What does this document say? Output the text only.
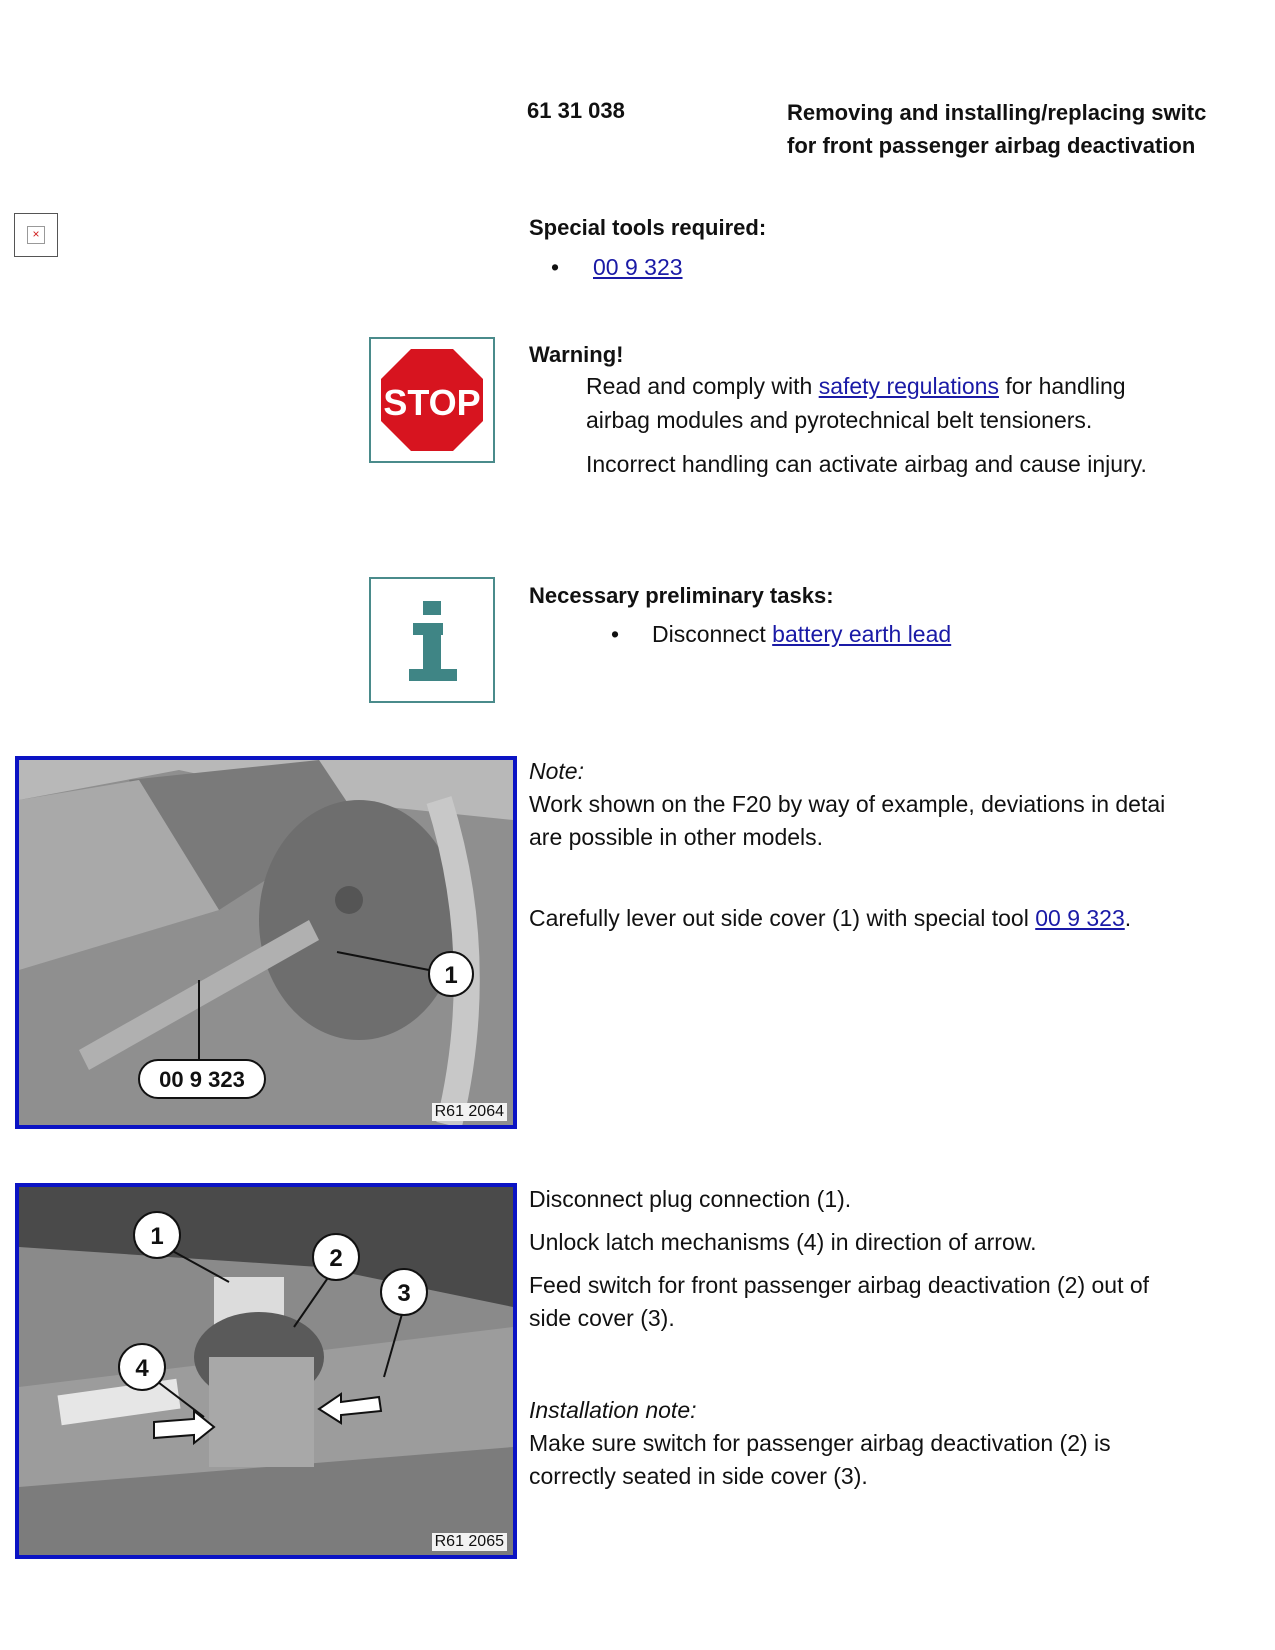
61 31 038	Removing and installing/replacing switc
for front passenger airbag deactivation
×	Special tools required:
• 00 9 323
STOP
Warning!
Read and comply with safety regulations for handling
airbag modules and pyrotechnical belt tensioners.
Incorrect handling can activate airbag and cause injury.
Necessary preliminary tasks:
• Disconnect battery earth lead
1
00 9 323
R61 2064
Note:
Work shown on the F20 by way of example, deviations in detai
are possible in other models.
Carefully lever out side cover (1) with special tool 00 9 323.
1
2
3
4
R61 2065
Disconnect plug connection (1).
Unlock latch mechanisms (4) in direction of arrow.
Feed switch for front passenger airbag deactivation (2) out of
side cover (3).
Installation note:
Make sure switch for passenger airbag deactivation (2) is
correctly seated in side cover (3).
